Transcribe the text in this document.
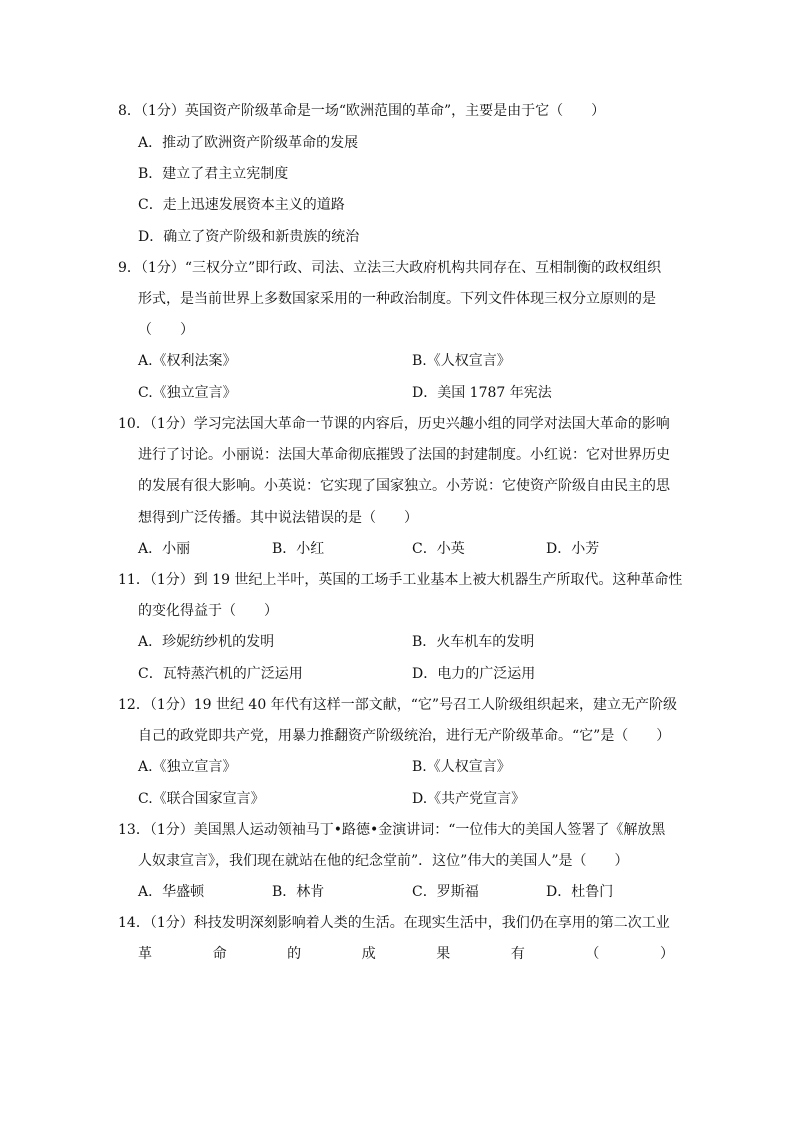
8．（1分）英国资产阶级革命是一场“欧洲范围的革命”，主要是由于它（　　）
A．推动了欧洲资产阶级革命的发展
B．建立了君主立宪制度
C．走上迅速发展资本主义的道路
D．确立了资产阶级和新贵族的统治
9．（1分）“三权分立”即行政、司法、立法三大政府机构共同存在、互相制衡的政权组织
形式，是当前世界上多数国家采用的一种政治制度。下列文件体现三权分立原则的是
（　　）
A.《权利法案》	B.《人权宣言》
C.《独立宣言》	D．美国 1787 年宪法
10．（1分）学习完法国大革命一节课的内容后，历史兴趣小组的同学对法国大革命的影响
进行了讨论。小丽说：法国大革命彻底摧毁了法国的封建制度。小红说：它对世界历史
的发展有很大影响。小英说：它实现了国家独立。小芳说：它使资产阶级自由民主的思
想得到广泛传播。其中说法错误的是（　　）
A．小丽	B．小红	C．小英	D．小芳
11．（1分）到 19 世纪上半叶，英国的工场手工业基本上被大机器生产所取代。这种革命性
的变化得益于（　　）
A．珍妮纺纱机的发明	B．火车机车的发明
C．瓦特蒸汽机的广泛运用	D．电力的广泛运用
12．（1分）19 世纪 40 年代有这样一部文献，“它”号召工人阶级组织起来，建立无产阶级
自己的政党即共产党，用暴力推翻资产阶级统治，进行无产阶级革命。“它”是（　　）
A.《独立宣言》	B.《人权宣言》
C.《联合国家宣言》	D.《共产党宣言》
13．（1分）美国黑人运动领袖马丁•路德•金演讲词：“一位伟大的美国人签署了《解放黑
人奴隶宣言》，我们现在就站在他的纪念堂前”．这位”伟大的美国人”是（　　）
A．华盛顿	B．林肯	C．罗斯福	D．杜鲁门
14．（1分）科技发明深刻影响着人类的生活。在现实生活中，我们仍在享用的第二次工业
革	命	的	成	果	有	（	）
